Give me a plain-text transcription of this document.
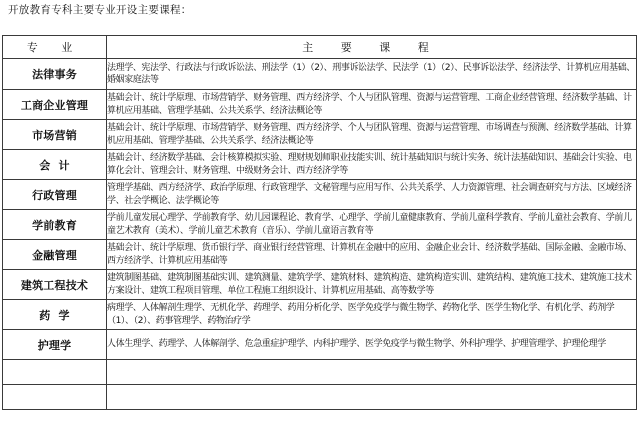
开放教育专科主要专业开设主要课程：
专 业	主 要 课 程
法律事务	法理学、宪法学、行政法与行政诉讼法、刑法学（1）（2）、刑事诉讼法学、民法学（1）（2）、民事诉讼法学、经济法学、计算机应用基础、婚姻家庭法等
工商企业管理	基础会计、统计学原理、市场营销学、财务管理、西方经济学、个人与团队管理、资源与运营管理、工商企业经营管理、经济数学基础、计算机应用基础、管理学基础、公共关系学、经济法概论等
市场营销	基础会计、统计学原理、市场营销学、财务管理、西方经济学、个人与团队管理、资源与运营管理、市场调查与预测、经济数学基础、计算机应用基础、管理学基础、公共关系学、经济法概论等
会  计	基础会计、经济数学基础、会计核算模拟实验、理财规划师职业技能实训、统计基础知识与统计实务、统计法基础知识、基础会计实验、电算化会计、管理会计、财务管理、中级财务会计、西方经济学等
行政管理	管理学基础、西方经济学、政治学原理、行政管理学、文秘管理与应用写作、公共关系学、人力资源管理、社会调查研究与方法、区域经济学、社会学概论、法学概论等
学前教育	学前儿童发展心理学、学前教育学、幼儿园课程论、教育学、心理学、学前儿童健康教育、学前儿童科学教育、学前儿童社会教育、学前儿童艺术教育（美术）、学前儿童艺术教育（音乐）、学前儿童语言教育等
金融管理	基础会计、统计学原理、货币银行学、商业银行经营管理、计算机在金融中的应用、金融企业会计、经济数学基础、国际金融、金融市场、西方经济学、计算机应用基础等
建筑工程技术	建筑制图基础、建筑制图基础实训、建筑测量、建筑学学、建筑材料、建筑构造、建筑构造实训、建筑结构、建筑施工技术、建筑施工技术方案设计、建筑工程项目管理、单位工程施工组织设计、计算机应用基础、高等数学等
药  学	病理学、人体解剖生理学、无机化学、药理学、药用分析化学、医学免疫学与微生物学、药物化学、医学生物化学、有机化学、药剂学（1）、（2）、药事管理学、药物治疗学
护理学	人体生理学、药理学、人体解剖学、危急重症护理学、内科护理学、医学免疫学与微生物学、外科护理学、护理管理学、护理伦理学
